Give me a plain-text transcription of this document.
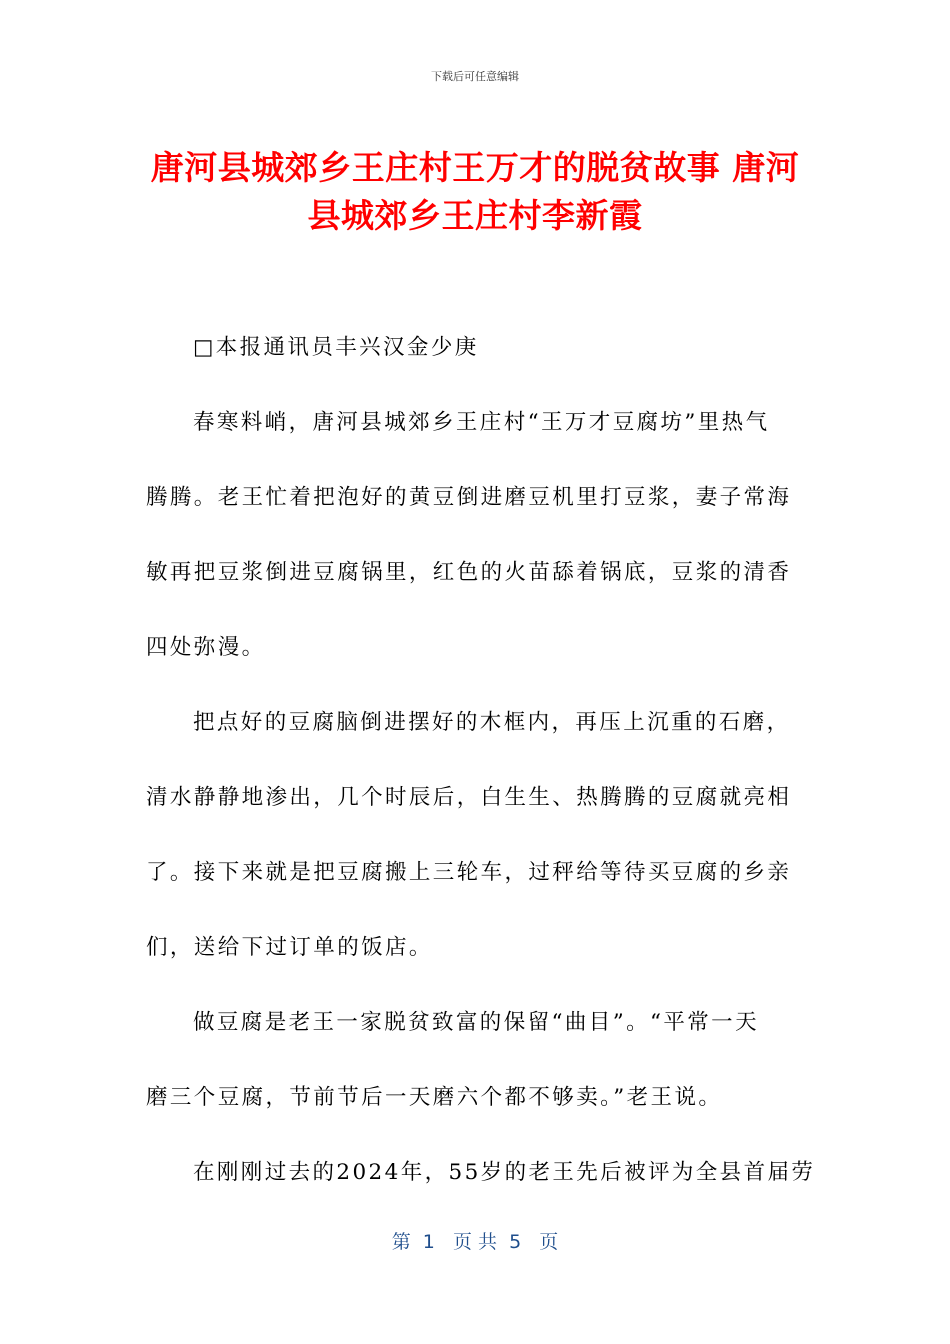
下载后可任意编辑
唐河县城郊乡王庄村王万才的脱贫故事 唐河县城郊乡王庄村李新霞
□本报通讯员丰兴汉金少庚
春寒料峭，唐河县城郊乡王庄村“王万才豆腐坊”里热气
腾腾。老王忙着把泡好的黄豆倒进磨豆机里打豆浆，妻子常海
敏再把豆浆倒进豆腐锅里，红色的火苗舔着锅底，豆浆的清香
四处弥漫。
把点好的豆腐脑倒进摆好的木框内，再压上沉重的石磨，
清水静静地渗出，几个时辰后，白生生、热腾腾的豆腐就亮相
了。接下来就是把豆腐搬上三轮车，过秤给等待买豆腐的乡亲
们，送给下过订单的饭店。
做豆腐是老王一家脱贫致富的保留“曲目”。“平常一天
磨三个豆腐，节前节后一天磨六个都不够卖。”老王说。
在刚刚过去的2024年，55岁的老王先后被评为全县首届劳
第  1   页 共  5   页
